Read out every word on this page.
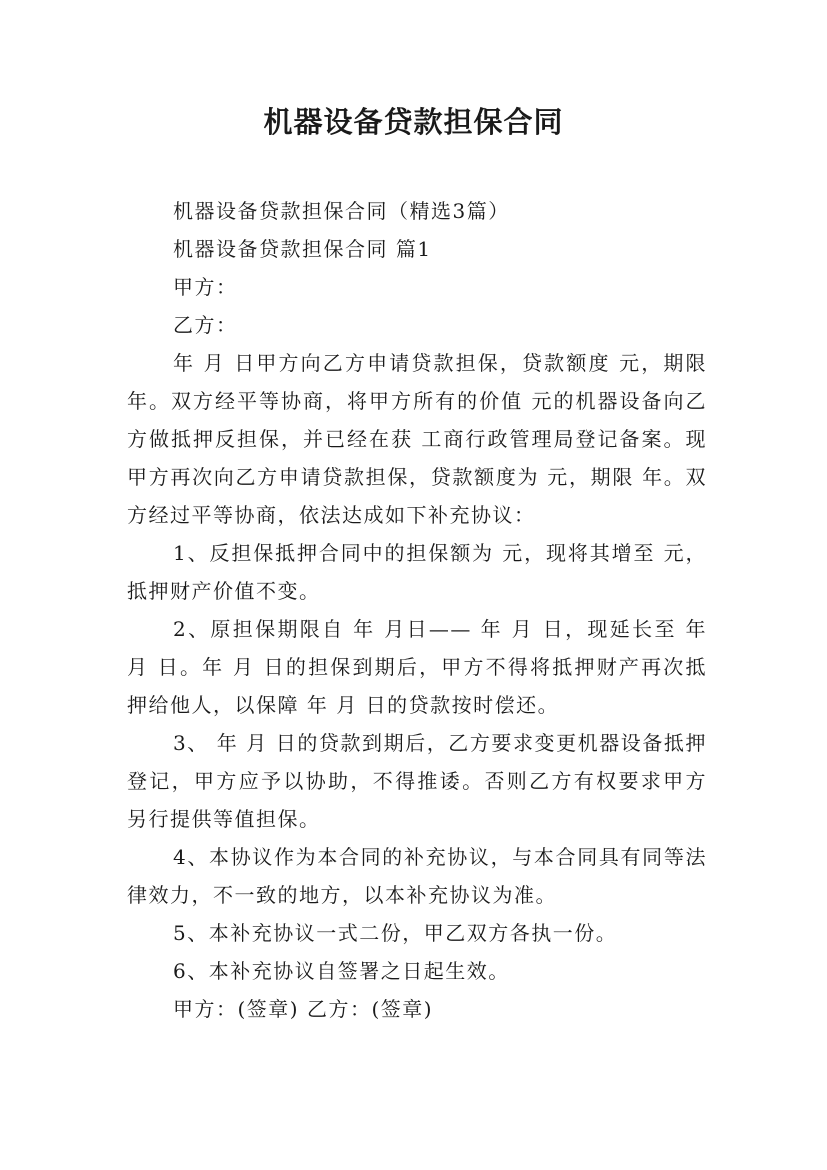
机器设备贷款担保合同

机器设备贷款担保合同（精选3篇）

机器设备贷款担保合同 篇1

甲方：

乙方：

年 月 日甲方向乙方申请贷款担保，贷款额度 元，期限 年。双方经平等协商，将甲方所有的价值 元的机器设备向乙方做抵押反担保，并已经在获 工商行政管理局登记备案。现甲方再次向乙方申请贷款担保，贷款额度为 元，期限 年。双方经过平等协商，依法达成如下补充协议：

1、反担保抵押合同中的担保额为 元，现将其增至 元，抵押财产价值不变。

2、原担保期限自 年 月日—— 年 月 日，现延长至 年 月 日。年 月 日的担保到期后，甲方不得将抵押财产再次抵押给他人，以保障 年 月 日的贷款按时偿还。

3、 年 月 日的贷款到期后，乙方要求变更机器设备抵押登记，甲方应予以协助，不得推诿。否则乙方有权要求甲方另行提供等值担保。

4、本协议作为本合同的补充协议，与本合同具有同等法律效力，不一致的地方，以本补充协议为准。

5、本补充协议一式二份，甲乙双方各执一份。

6、本补充协议自签署之日起生效。

甲方：(签章) 乙方：(签章)
